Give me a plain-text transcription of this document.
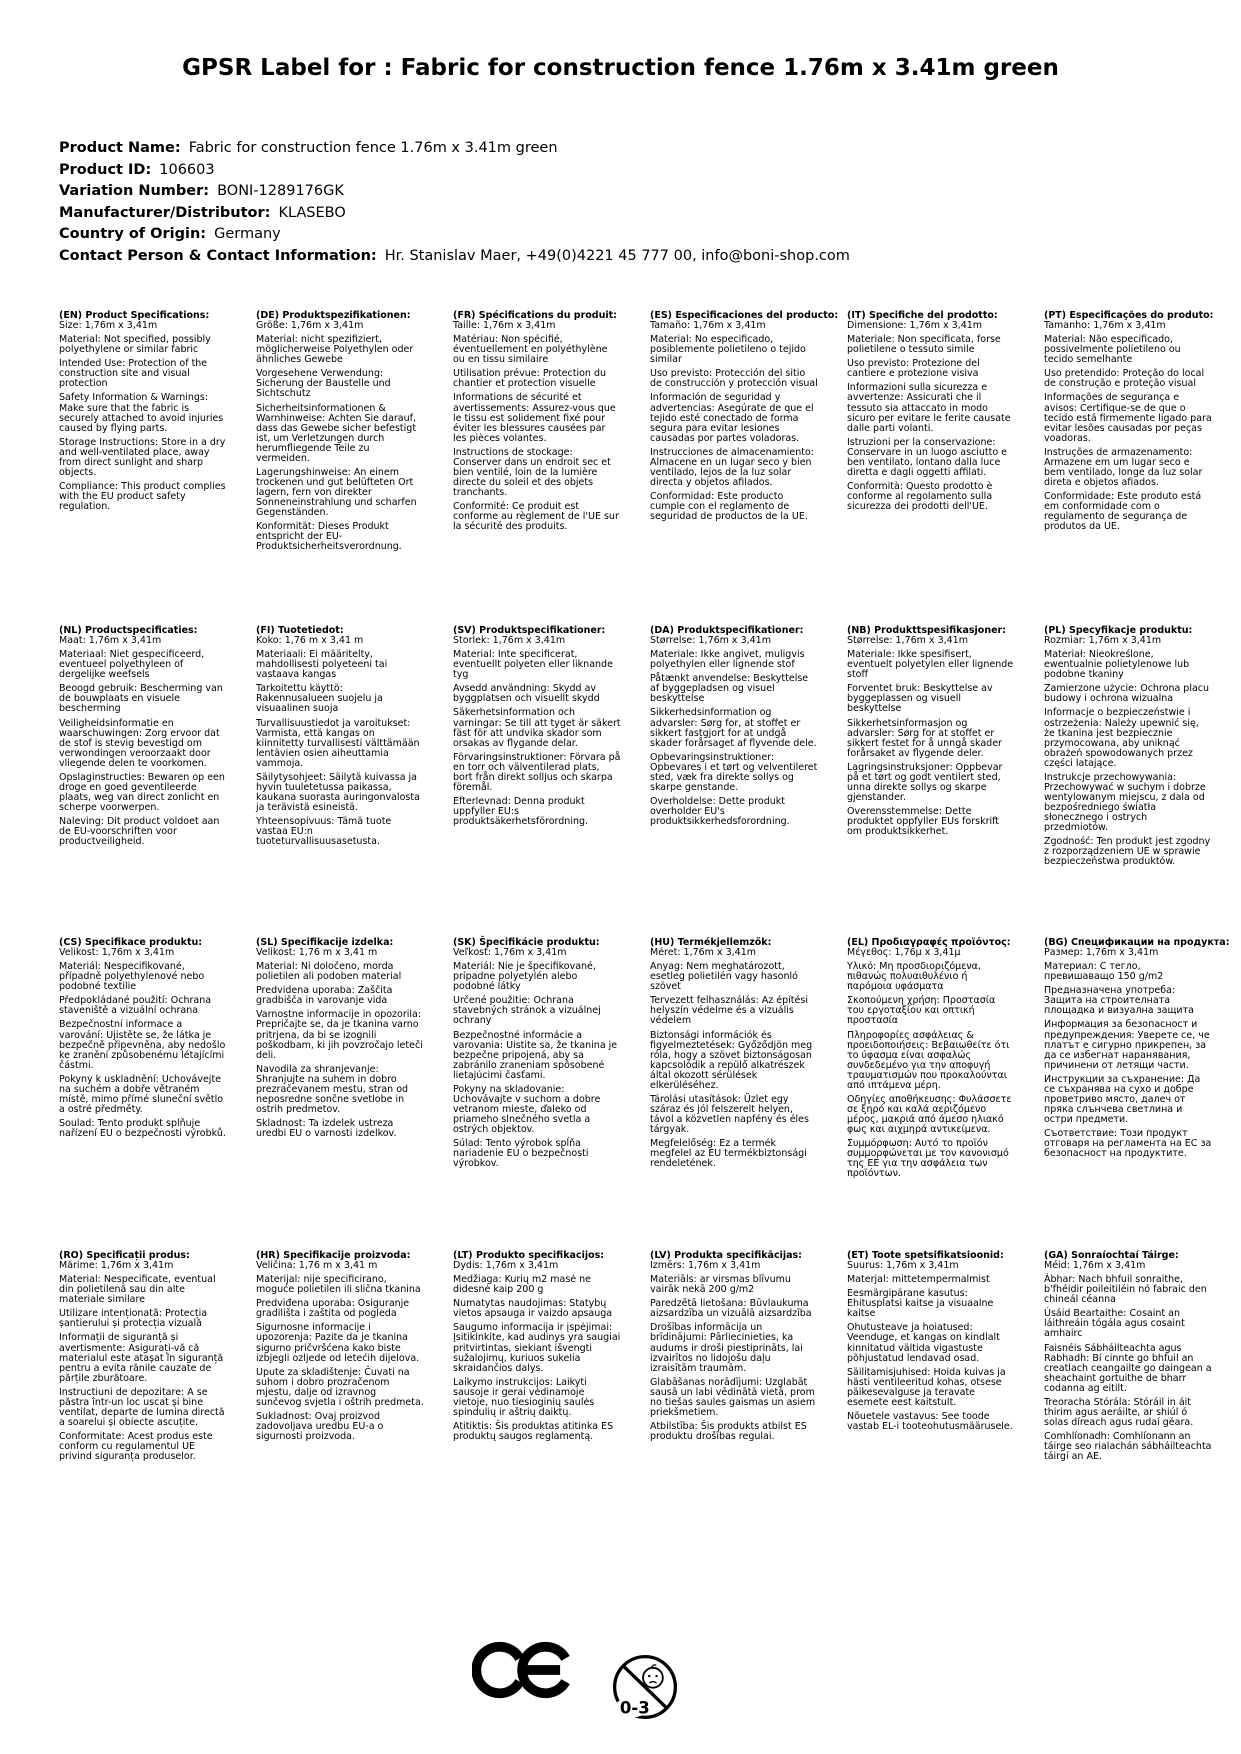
GPSR Label for : Fabric for construction fence 1.76m x 3.41m green
Product Name: Fabric for construction fence 1.76m x 3.41m green
Product ID: 106603
Variation Number: BONI-1289176GK
Manufacturer/Distributor: KLASEBO
Country of Origin: Germany
Contact Person & Contact Information: Hr. Stanislav Maer, +49(0)4221 45 777 00, info@boni-shop.com
(EN) Product Specifications:
Size: 1,76m x 3,41m

Material: Not specified, possibly polyethylene or similar fabric

Intended Use: Protection of the construction site and visual protection

Safety Information & Warnings: Make sure that the fabric is securely attached to avoid injuries caused by flying parts.

Storage Instructions: Store in a dry and well-ventilated place, away from direct sunlight and sharp objects.

Compliance: This product complies with the EU product safety regulation.

(DE) Produktspezifikationen:
Größe: 1,76m x 3,41m

Material: nicht spezifiziert, möglicherweise Polyethylen oder ähnliches Gewebe

Vorgesehene Verwendung: Sicherung der Baustelle und Sichtschutz

Sicherheitsinformationen & Warnhinweise: Achten Sie darauf, dass das Gewebe sicher befestigt ist, um Verletzungen durch herumfliegende Teile zu vermeiden.

Lagerungshinweise: An einem trockenen und gut belüfteten Ort lagern, fern von direkter Sonneneinstrahlung und scharfen Gegenständen.

Konformität: Dieses Produkt entspricht der EU-Produktsicherheitsverordnung.

(FR) Spécifications du produit:
Taille: 1,76m x 3,41m

Matériau: Non spécifié, éventuellement en polyéthylène ou en tissu similaire

Utilisation prévue: Protection du chantier et protection visuelle

Informations de sécurité et avertissements: Assurez-vous que le tissu est solidement fixé pour éviter les blessures causées par les pièces volantes.

Instructions de stockage: Conserver dans un endroit sec et bien ventilé, loin de la lumière directe du soleil et des objets tranchants.

Conformité: Ce produit est conforme au règlement de l'UE sur la sécurité des produits.

(ES) Especificaciones del producto:
Tamaño: 1,76m x 3,41m

Material: No especificado, posiblemente polietileno o tejido similar

Uso previsto: Protección del sitio de construcción y protección visual

Información de seguridad y advertencias: Asegúrate de que el tejido esté conectado de forma segura para evitar lesiones causadas por partes voladoras.

Instrucciones de almacenamiento: Almacene en un lugar seco y bien ventilado, lejos de la luz solar directa y objetos afilados.

Conformidad: Este producto cumple con el reglamento de seguridad de productos de la UE.

(IT) Specifiche del prodotto:
Dimensione: 1,76m x 3,41m

Materiale: Non specificata, forse polietilene o tessuto simile

Uso previsto: Protezione del cantiere e protezione visiva

Informazioni sulla sicurezza e avvertenze: Assicurati che il tessuto sia attaccato in modo sicuro per evitare le ferite causate dalle parti volanti.

Istruzioni per la conservazione: Conservare in un luogo asciutto e ben ventilato, lontano dalla luce diretta e dagli oggetti affilati.

Conformità: Questo prodotto è conforme al regolamento sulla sicurezza dei prodotti dell'UE.

(PT) Especificações do produto:
Tamanho: 1,76m x 3,41m

Material: Não especificado, possivelmente polietileno ou tecido semelhante

Uso pretendido: Proteção do local de construção e proteção visual

Informações de segurança e avisos: Certifique-se de que o tecido está firmemente ligado para evitar lesões causadas por peças voadoras.

Instruções de armazenamento: Armazene em um lugar seco e bem ventilado, longe da luz solar direta e objetos afiados.

Conformidade: Este produto está em conformidade com o regulamento de segurança de produtos da UE.

(NL) Productspecificaties:
Maat: 1,76m x 3,41m

Materiaal: Niet gespecificeerd, eventueel polyethyleen of dergelijke weefsels

Beoogd gebruik: Bescherming van de bouwplaats en visuele bescherming

Veiligheidsinformatie en waarschuwingen: Zorg ervoor dat de stof is stevig bevestigd om verwondingen veroorzaakt door vliegende delen te voorkomen.

Opslaginstructies: Bewaren op een droge en goed geventileerde plaats, weg van direct zonlicht en scherpe voorwerpen.

Naleving: Dit product voldoet aan de EU-voorschriften voor productveiligheid.

(FI) Tuotetiedot:
Koko: 1,76 m x 3,41 m

Materiaali: Ei määritelty, mahdollisesti polyeteeni tai vastaava kangas

Tarkoitettu käyttö: Rakennusalueen suojelu ja visuaalinen suoja

Turvallisuustiedot ja varoitukset: Varmista, että kangas on kiinnitetty turvallisesti välttämään lentävien osien aiheuttamia vammoja.

Säilytysohjeet: Säilytä kuivassa ja hyvin tuuletetussa paikassa, kaukana suorasta auringonvalosta ja terävistä esineistä.

Yhteensopivuus: Tämä tuote vastaa EU:n tuoteturvallisuusasetusta.

(SV) Produktspecifikationer:
Storlek: 1,76m x 3,41m

Material: Inte specificerat, eventuellt polyeten eller liknande tyg

Avsedd användning: Skydd av byggplatsen och visuellt skydd

Säkerhetsinformation och varningar: Se till att tyget är säkert fäst för att undvika skador som orsakas av flygande delar.

Förvaringsinstruktioner: Förvara på en torr och välventilerad plats, bort från direkt solljus och skarpa föremål.

Efterlevnad: Denna produkt uppfyller EU:s produktsäkerhetsförordning.

(DA) Produktspecifikationer:
Størrelse: 1,76m x 3,41m

Materiale: Ikke angivet, muligvis polyethylen eller lignende stof

Påtænkt anvendelse: Beskyttelse af byggepladsen og visuel beskyttelse

Sikkerhedsinformation og advarsler: Sørg for, at stoffet er sikkert fastgjort for at undgå skader forårsaget af flyvende dele.

Opbevaringsinstruktioner: Opbevares i et tørt og velventileret sted, væk fra direkte sollys og skarpe genstande.

Overholdelse: Dette produkt overholder EU's produktsikkerhedsforordning.

(NB) Produkttspesifikasjoner:
Størrelse: 1,76m x 3,41m

Materiale: Ikke spesifisert, eventuelt polyetylen eller lignende stoff

Forventet bruk: Beskyttelse av byggeplassen og visuell beskyttelse

Sikkerhetsinformasjon og advarsler: Sørg for at stoffet er sikkert festet for å unngå skader forårsaket av flygende deler.

Lagringsinstruksjoner: Oppbevar på et tørt og godt ventilert sted, unna direkte sollys og skarpe gjenstander.

Overensstemmelse: Dette produktet oppfyller EUs forskrift om produktsikkerhet.

(PL) Specyfikacje produktu:
Rozmiar: 1,76m x 3,41m

Materiał: Nieokreślone, ewentualnie polietylenowe lub podobne tkaniny

Zamierzone użycie: Ochrona placu budowy i ochrona wizualna

Informacje o bezpieczeństwie i ostrzeżenia: Należy upewnić się, że tkanina jest bezpiecznie przymocowana, aby uniknąć obrażeń spowodowanych przez części latające.

Instrukcje przechowywania: Przechowywać w suchym i dobrze wentylowanym miejscu, z dala od bezpośredniego światła słonecznego i ostrych przedmiotów.

Zgodność: Ten produkt jest zgodny z rozporządzeniem UE w sprawie bezpieczeństwa produktów.

(CS) Specifikace produktu:
Velikost: 1,76m x 3,41m

Materiál: Nespecifikované, případně polyethylenové nebo podobné textilie

Předpokládané použití: Ochrana staveniště a vizuální ochrana

Bezpečnostní informace a varování: Ujistěte se, že látka je bezpečně připevněna, aby nedošlo ke zranění způsobenému létajícími částmi.

Pokyny k uskladnění: Uchovávejte na suchém a dobře větraném místě, mimo přímé sluneční světlo a ostré předměty.

Soulad: Tento produkt splňuje nařízení EU o bezpečnosti výrobků.

(SL) Specifikacije izdelka:
Velikost: 1,76 m x 3,41 m

Material: Ni določeno, morda polietilen ali podoben material

Predvidena uporaba: Zaščita gradbišča in varovanje vida

Varnostne informacije in opozorila: Prepričajte se, da je tkanina varno pritrjena, da bi se izognili poškodbam, ki jih povzročajo leteči deli.

Navodila za shranjevanje: Shranjujte na suhem in dobro prezračevanem mestu, stran od neposredne sončne svetlobe in ostrih predmetov.

Skladnost: Ta izdelek ustreza uredbi EU o varnosti izdelkov.

(SK) Špecifikácie produktu:
Veľkosť: 1,76m x 3,41m

Materiál: Nie je špecifikované, prípadne polyetylén alebo podobné látky

Určené použitie: Ochrana stavebných stránok a vizuálnej ochrany

Bezpečnostné informácie a varovania: Uistite sa, že tkanina je bezpečne pripojená, aby sa zabránilo zraneniam spôsobené lietajúcimi časťami.

Pokyny na skladovanie: Uchovávajte v suchom a dobre vetranom mieste, ďaleko od priameho slnečného svetla a ostrých objektov.

Súlad: Tento výrobok spĺňa nariadenie EÚ o bezpečnosti výrobkov.

(HU) Termékjellemzők:
Méret: 1,76m x 3,41m

Anyag: Nem meghatározott, esetleg polietilén vagy hasonló szövet

Tervezett felhasználás: Az építési helyszín védelme és a vizuális védelem

Biztonsági információk és figyelmeztetések: Győződjön meg róla, hogy a szövet biztonságosan kapcsolódik a repülő alkatrészek által okozott sérülések elkerüléséhez.

Tárolási utasítások: Üzlet egy száraz és jól felszerelt helyen, távol a közvetlen napfény és éles tárgyak.

Megfelelőség: Ez a termék megfelel az EU termékbiztonsági rendeletének.

(EL) Προδιαγραφές προϊόντος:
Μέγεθος: 1,76μ x 3,41μ

Υλικό: Μη προσδιοριζόμενα, πιθανώς πολυαιθυλένιο ή παρόμοια υφάσματα

Σκοπούμενη χρήση: Προστασία του εργοταξίου και οπτική προστασία

Πληροφορίες ασφάλειας & προειδοποιήσεις: Βεβαιωθείτε ότι το ύφασμα είναι ασφαλώς συνδεδεμένο για την αποφυγή τραυματισμών που προκαλούνται από ιπτάμενα μέρη.

Οδηγίες αποθήκευσης: Φυλάσσετε σε ξηρό και καλά αεριζόμενο μέρος, μακριά από άμεσο ηλιακό φως και αιχμηρά αντικείμενα.

Συμμόρφωση: Αυτό το προϊόν συμμορφώνεται με τον κανονισμό της ΕΕ για την ασφάλεια των προϊόντων.

(BG) Спецификации на продукта:
Размер: 1,76m x 3,41m

Материал: С тегло, превишаващо 150 g/m2

Предназначена употреба: Защита на строителната площадка и визуална защита

Информация за безопасност и предупреждения: Уверете се, че платът е сигурно прикрепен, за да се избегнат наранявания, причинени от летящи части.

Инструкции за съхранение: Да се съхранява на сухо и добре проветриво място, далеч от пряка слънчева светлина и остри предмети.

Съответствие: Този продукт отговаря на регламента на ЕС за безопасност на продуктите.

(RO) Specificații produs:
Mărime: 1,76m x 3,41m

Material: Nespecificate, eventual din polietilenă sau din alte materiale similare

Utilizare intenționată: Protecția șantierului și protecția vizuală

Informații de siguranță și avertismente: Asigurați-vă că materialul este atașat în siguranță pentru a evita rănile cauzate de părțile zburătoare.

Instructiuni de depozitare: A se păstra într-un loc uscat și bine ventilat, departe de lumina directă a soarelui și obiecte ascuțite.

Conformitate: Acest produs este conform cu regulamentul UE privind siguranța produselor.

(HR) Specifikacije proizvoda:
Veličina: 1,76 m x 3,41 m

Materijal: nije specificirano, moguće polietilen ili slična tkanina

Predviđena uporaba: Osiguranje gradilišta i zaštita od pogleda

Sigurnosne informacije i upozorenja: Pazite da je tkanina sigurno pričvršćena kako biste izbjegli ozljede od letećih dijelova.

Upute za skladištenje: Čuvati na suhom i dobro prozračenom mjestu, dalje od izravnog sunčevog svjetla i oštrih predmeta.

Sukladnost: Ovaj proizvod zadovoljava uredbu EU-a o sigurnosti proizvoda.

(LT) Produkto specifikacijos:
Dydis: 1,76m x 3,41m

Medžiaga: Kurių m2 masė ne didesnė kaip 200 g

Numatytas naudojimas: Statybų vietos apsauga ir vaizdo apsauga

Saugumo informacija ir įspėjimai: Įsitikinkite, kad audinys yra saugiai pritvirtintas, siekiant išvengti sužalojimų, kuriuos sukelia skraidančios dalys.

Laikymo instrukcijos: Laikyti sausoje ir gerai vėdinamoje vietoje, nuo tiesioginių saulės spindulių ir aštrių daiktų.

Atitiktis: Šis produktas atitinka ES produktų saugos reglamentą.

(LV) Produkta specifikācijas:
Izmērs: 1,76m x 3,41m

Materiāls: ar virsmas blīvumu vairāk nekā 200 g/m2

Paredzētā lietošana: Būvlaukuma aizsardzība un vizuālā aizsardzība

Drošības informācija un brīdinājumi: Pārliecinieties, ka audums ir droši piestiprināts, lai izvairītos no lidojošu daļu izraisītām traumām.

Glabāšanas norādījumi: Uzglabāt sausā un labi vēdinātā vietā, prom no tiešas saules gaismas un asiem priekšmetiem.

Atbilstība: Šis produkts atbilst ES produktu drošības regulai.

(ET) Toote spetsifikatsioonid:
Suurus: 1,76m x 3,41m

Materjal: mittetempermalmist

Eesmärgipärane kasutus: Ehitusplatsi kaitse ja visuaalne kaitse

Ohutusteave ja hoiatused: Veenduge, et kangas on kindlalt kinnitatud vältida vigastuste põhjustatud lendavad osad.

Säilitamisjuhised: Hoida kuivas ja hästi ventileeritud kohas, otsese päikesevalguse ja teravate esemete eest kaitstult.

Nõuetele vastavus: See toode vastab EL-i tooteohutusmäärusele.

(GA) Sonraíochtaí Táirge:
Méid: 1,76m x 3,41m

Ábhar: Nach bhfuil sonraithe, b'fhéidir poileitiléin nó fabraic den chineál céanna

Úsáid Beartaithe: Cosaint an láithreáin tógála agus cosaint amhairc

Faisnéis Sábháilteachta agus Rabhadh: Bí cinnte go bhfuil an creatlach ceangailte go daingean a sheachaint gortuithe de bharr codanna ag eitilt.

Treoracha Stórála: Stóráil in áit thirim agus aeráilte, ar shiúl ó solas díreach agus rudaí géara.

Comhlíonadh: Comhlíonann an táirge seo rialachán sábháilteachta táirgí an AE.

0-3
